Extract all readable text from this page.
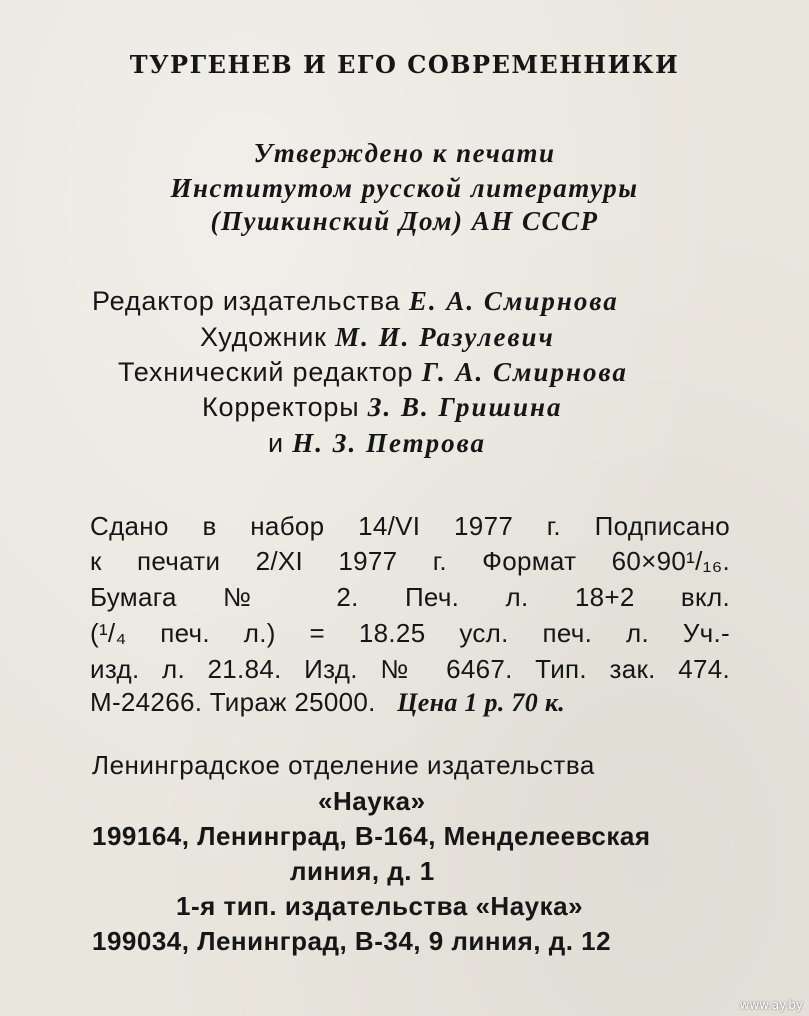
ТУРГЕНЕВ И ЕГО СОВРЕМЕННИКИ
Утверждено к печати
Институтом русской литературы
(Пушкинский Дом) АН СССР
Редактор издательства Е. А. Смирнова
Художник М. И. Разулевич
Технический редактор Г. А. Смирнова
Корректоры З. В. Гришина
и Н. З. Петрова
Сдано в набор 14/VI 1977 г. Подписано
к печати 2/XI 1977 г. Формат 60×90¹/₁₆.
Бумага № 2. Печ. л. 18+2 вкл.
(¹/₄ печ. л.) = 18.25 усл. печ. л. Уч.-
изд. л. 21.84. Изд. № 6467. Тип. зак. 474.
М-24266. Тираж 25000. Цена 1 р. 70 к.
Ленинградское отделение издательства
«Наука»
199164, Ленинград, В-164, Менделеевская
линия, д. 1
1-я тип. издательства «Наука»
199034, Ленинград, В-34, 9 линия, д. 12
www.ay.by
